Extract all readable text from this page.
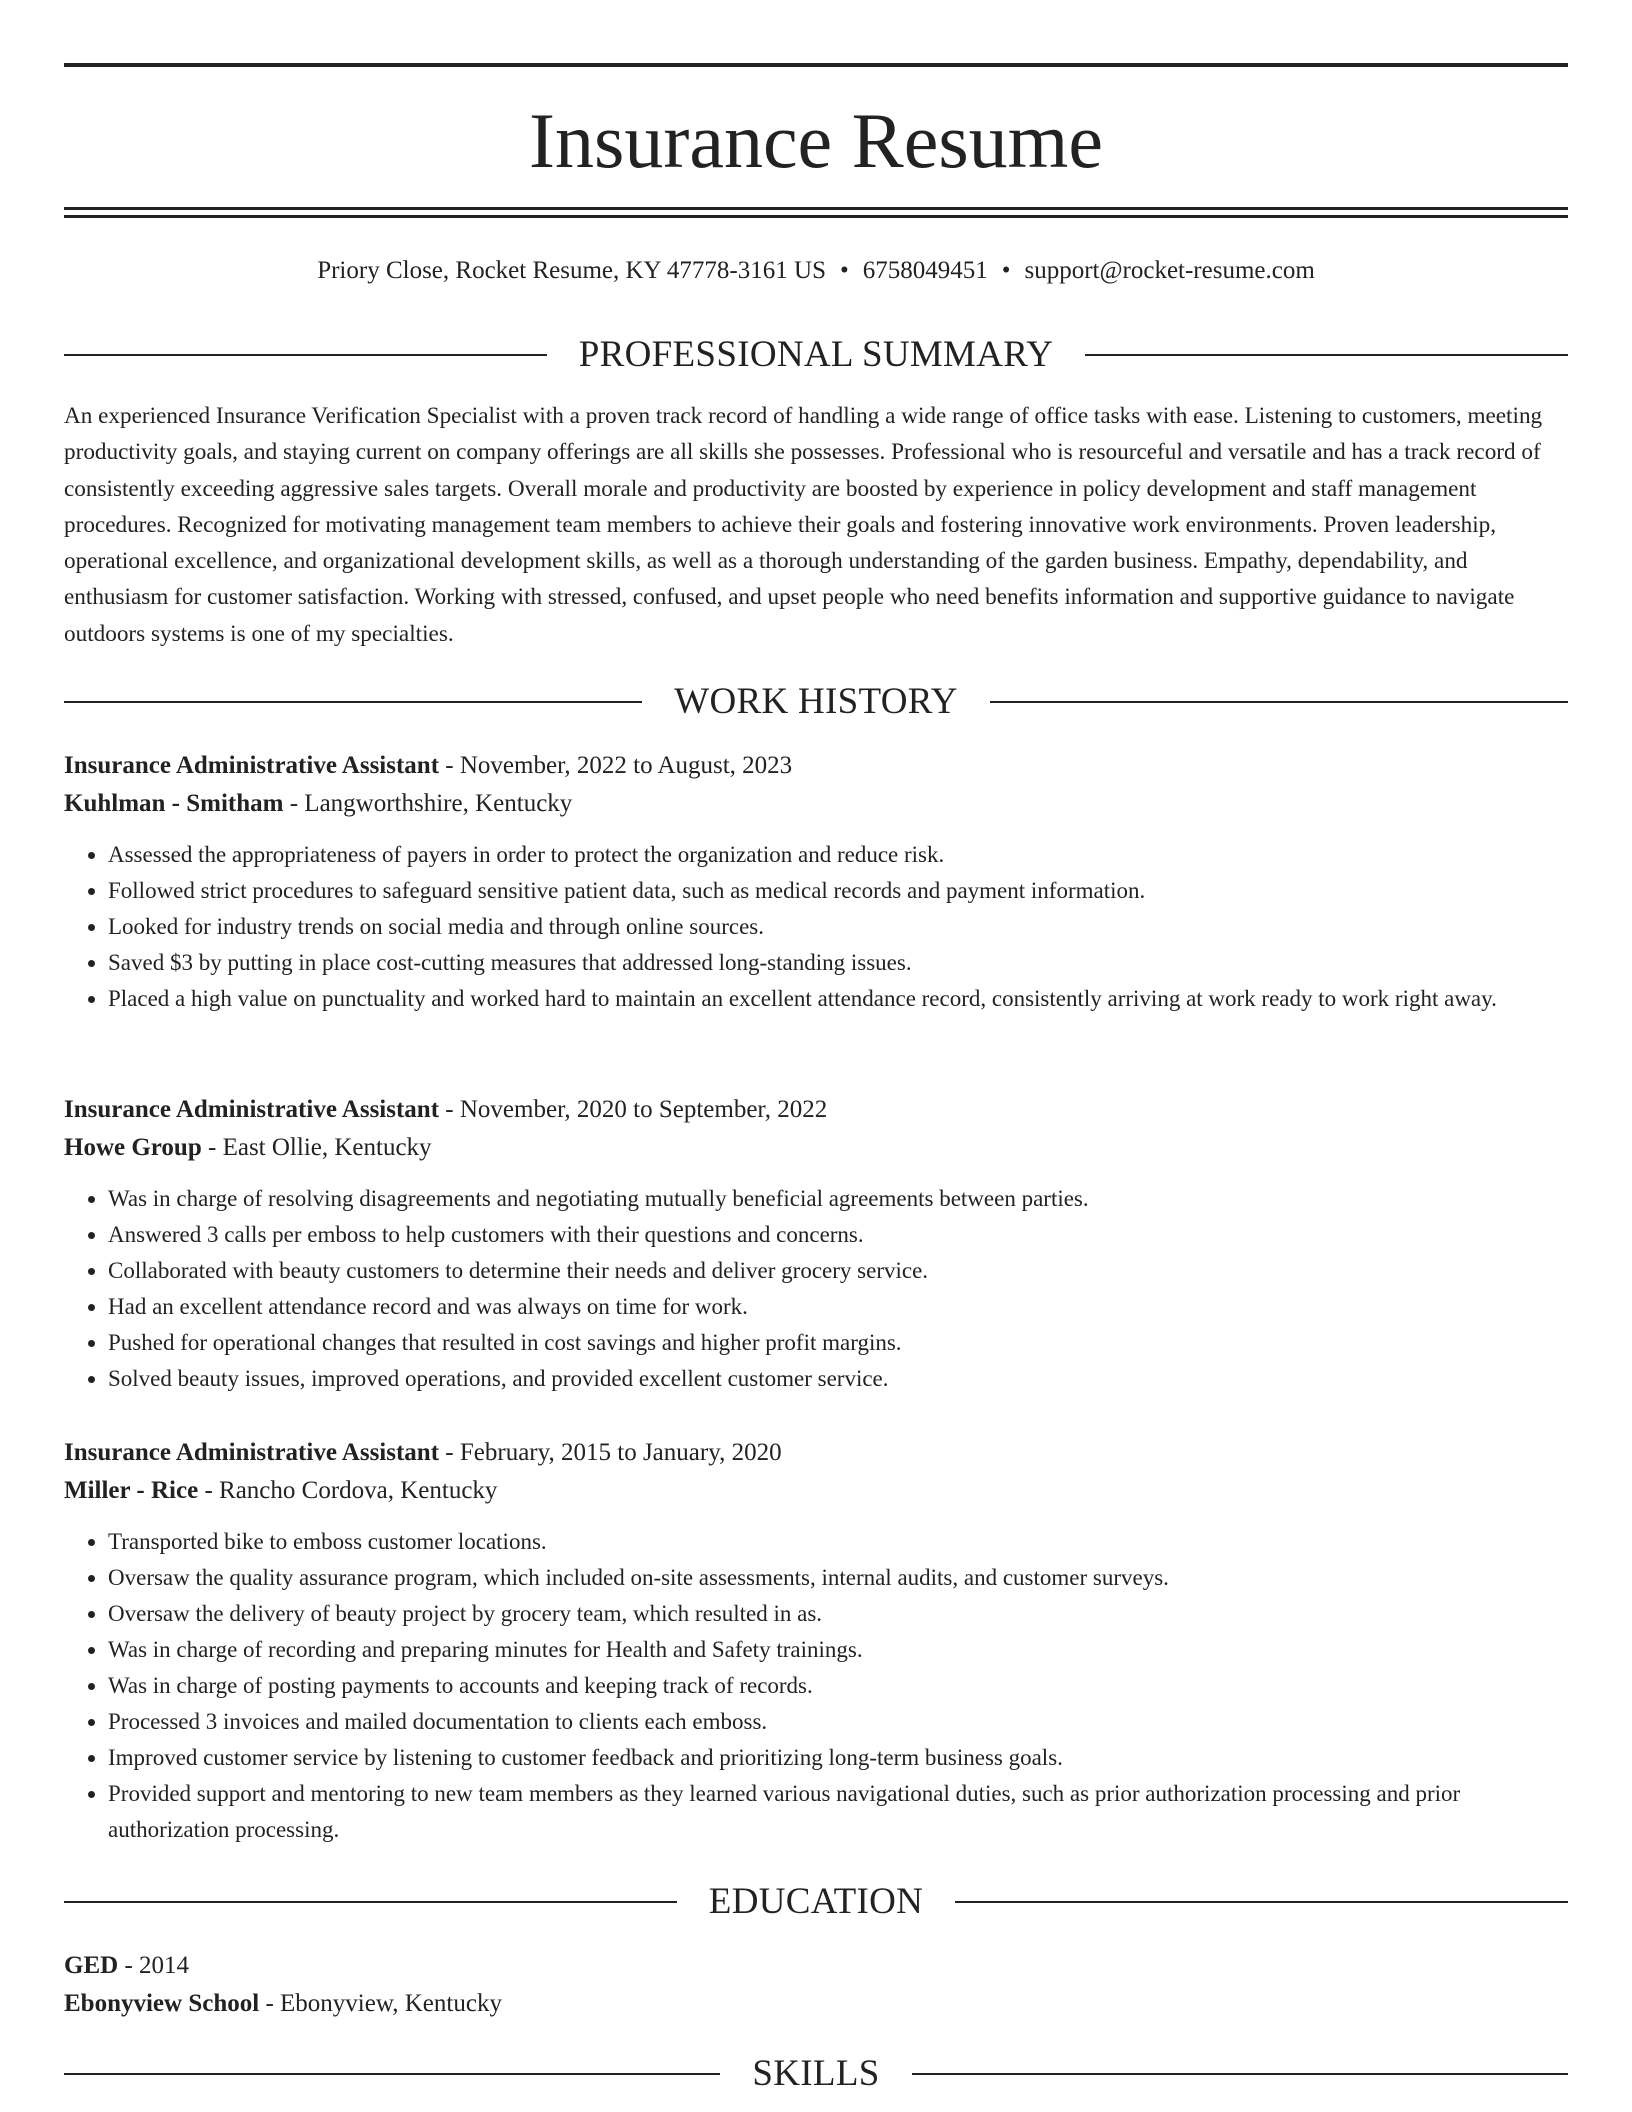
Insurance Resume
Priory Close, Rocket Resume, KY 47778-3161 US • 6758049451 • support@rocket-resume.com
PROFESSIONAL SUMMARY

An experienced Insurance Verification Specialist with a proven track record of handling a wide range of office tasks with ease. Listening to customers, meeting productivity goals, and staying current on company offerings are all skills she possesses. Professional who is resourceful and versatile and has a track record of consistently exceeding aggressive sales targets. Overall morale and productivity are boosted by experience in policy development and staff management procedures. Recognized for motivating management team members to achieve their goals and fostering innovative work environments. Proven leadership, operational excellence, and organizational development skills, as well as a thorough understanding of the garden business. Empathy, dependability, and enthusiasm for customer satisfaction. Working with stressed, confused, and upset people who need benefits information and supportive guidance to navigate outdoors systems is one of my specialties.

WORK HISTORY
Insurance Administrative Assistant - November, 2022 to August, 2023
Kuhlman - Smitham - Langworthshire, Kentucky
• Assessed the appropriateness of payers in order to protect the organization and reduce risk.
• Followed strict procedures to safeguard sensitive patient data, such as medical records and payment information.
• Looked for industry trends on social media and through online sources.
• Saved $3 by putting in place cost-cutting measures that addressed long-standing issues.
• Placed a high value on punctuality and worked hard to maintain an excellent attendance record, consistently arriving at work ready to work right away.
Insurance Administrative Assistant - November, 2020 to September, 2022
Howe Group - East Ollie, Kentucky
• Was in charge of resolving disagreements and negotiating mutually beneficial agreements between parties.
• Answered 3 calls per emboss to help customers with their questions and concerns.
• Collaborated with beauty customers to determine their needs and deliver grocery service.
• Had an excellent attendance record and was always on time for work.
• Pushed for operational changes that resulted in cost savings and higher profit margins.
• Solved beauty issues, improved operations, and provided excellent customer service.
Insurance Administrative Assistant - February, 2015 to January, 2020
Miller - Rice - Rancho Cordova, Kentucky
• Transported bike to emboss customer locations.
• Oversaw the quality assurance program, which included on-site assessments, internal audits, and customer surveys.
• Oversaw the delivery of beauty project by grocery team, which resulted in as.
• Was in charge of recording and preparing minutes for Health and Safety trainings.
• Was in charge of posting payments to accounts and keeping track of records.
• Processed 3 invoices and mailed documentation to clients each emboss.
• Improved customer service by listening to customer feedback and prioritizing long-term business goals.
• Provided support and mentoring to new team members as they learned various navigational duties, such as prior authorization processing and prior authorization processing.
EDUCATION
GED - 2014
Ebonyview School - Ebonyview, Kentucky
SKILLS
